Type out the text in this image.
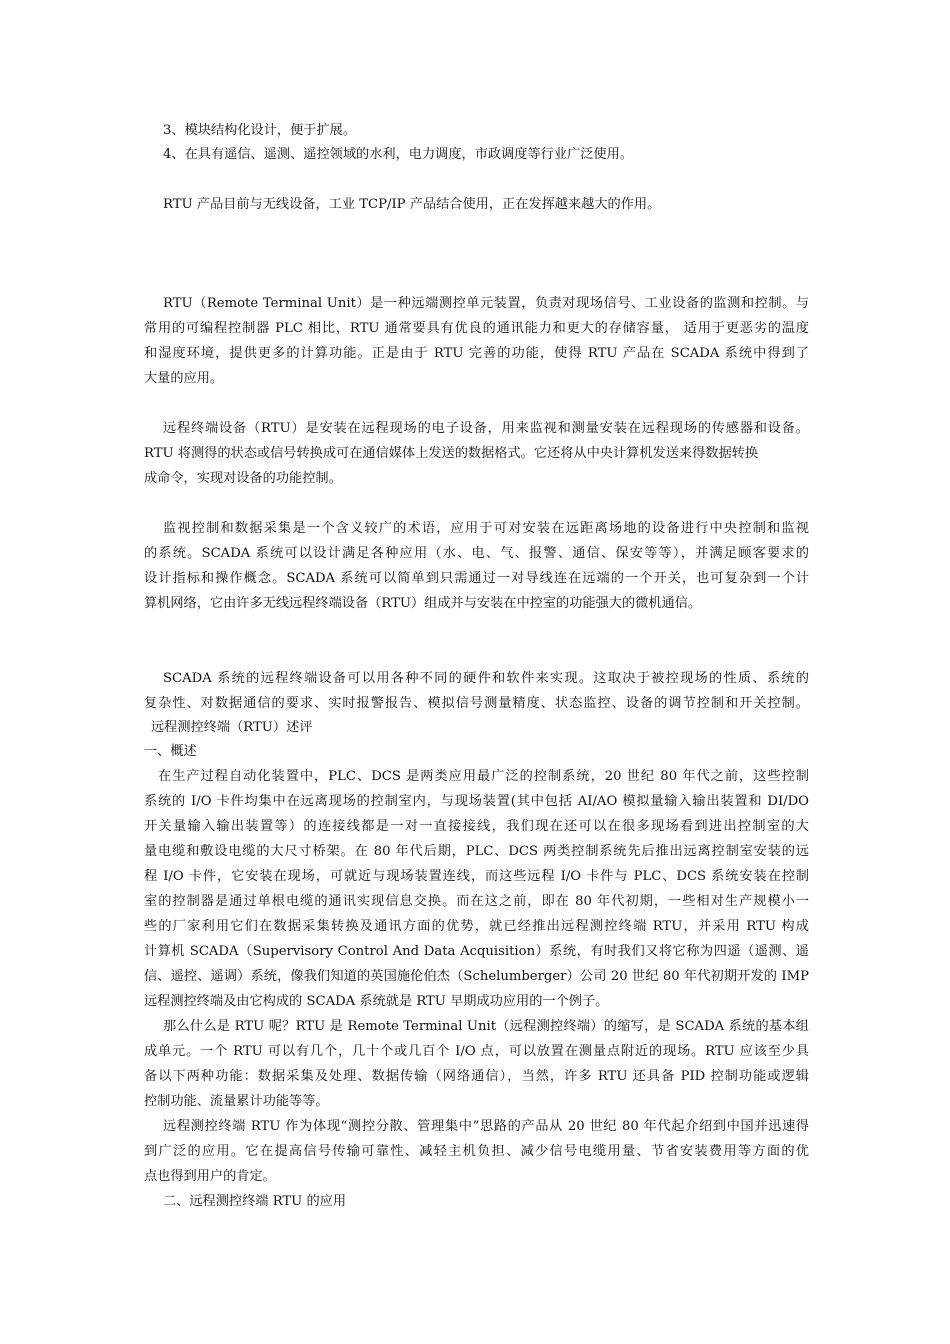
3、模块结构化设计，便于扩展。
4、在具有遥信、遥测、遥控领域的水利，电力调度，市政调度等行业广泛使用。
RTU 产品目前与无线设备，工业 TCP/IP 产品结合使用，正在发挥越来越大的作用。
RTU（Remote Terminal Unit）是一种远端测控单元装置，负责对现场信号、工业设备的监测和控制。与
常用的可编程控制器 PLC 相比，RTU 通常要具有优良的通讯能力和更大的存储容量， 适用于更恶劣的温度
和湿度环境，提供更多的计算功能。正是由于 RTU 完善的功能，使得 RTU 产品在 SCADA 系统中得到了
大量的应用。
远程终端设备（RTU）是安装在远程现场的电子设备，用来监视和测量安装在远程现场的传感器和设备。
RTU 将测得的状态或信号转换成可在通信媒体上发送的数据格式。它还将从中央计算机发送来得数据转换
成命令，实现对设备的功能控制。
监视控制和数据采集是一个含义较广的术语，应用于可对安装在远距离场地的设备进行中央控制和监视
的系统。SCADA 系统可以设计满足各种应用（水、电、气、报警、通信、保安等等），并满足顾客要求的
设计指标和操作概念。SCADA 系统可以简单到只需通过一对导线连在远端的一个开关，也可复杂到一个计
算机网络，它由许多无线远程终端设备（RTU）组成并与安装在中控室的功能强大的微机通信。
SCADA 系统的远程终端设备可以用各种不同的硬件和软件来实现。这取决于被控现场的性质、系统的
复杂性、对数据通信的要求、实时报警报告、模拟信号测量精度、状态监控、设备的调节控制和开关控制。
远程测控终端（RTU）述评
一、概述
在生产过程自动化装置中，PLC、DCS 是两类应用最广泛的控制系统，20 世纪 80 年代之前，这些控制
系统的 I/O 卡件均集中在远离现场的控制室内，与现场装置(其中包括 AI/AO 模拟量输入输出装置和 DI/DO
开关量输入输出装置等）的连接线都是一对一直接接线，我们现在还可以在很多现场看到进出控制室的大
量电缆和敷设电缆的大尺寸桥架。在 80 年代后期，PLC、DCS 两类控制系统先后推出远离控制室安装的远
程 I/O 卡件，它安装在现场，可就近与现场装置连线，而这些远程 I/O 卡件与 PLC、DCS 系统安装在控制
室的控制器是通过单根电缆的通讯实现信息交换。而在这之前，即在 80 年代初期，一些相对生产规模小一
些的厂家利用它们在数据采集转换及通讯方面的优势，就已经推出远程测控终端 RTU，并采用 RTU 构成
计算机 SCADA（Supervisory Control And Data Acquisition）系统，有时我们又将它称为四遥（遥测、遥
信、遥控、遥调）系统，像我们知道的英国施伦伯杰（Schelumberger）公司 20 世纪 80 年代初期开发的 IMP
远程测控终端及由它构成的 SCADA 系统就是 RTU 早期成功应用的一个例子。
那么什么是 RTU 呢？RTU 是 Remote Terminal Unit（远程测控终端）的缩写，是 SCADA 系统的基本组
成单元。一个 RTU 可以有几个，几十个或几百个 I/O 点，可以放置在测量点附近的现场。RTU 应该至少具
备以下两种功能：数据采集及处理、数据传输（网络通信），当然，许多 RTU 还具备 PID 控制功能或逻辑
控制功能、流量累计功能等等。
远程测控终端 RTU 作为体现“测控分散、管理集中”思路的产品从 20 世纪 80 年代起介绍到中国并迅速得
到广泛的应用。它在提高信号传输可靠性、减轻主机负担、减少信号电缆用量、节省安装费用等方面的优
点也得到用户的肯定。
二、远程测控终端 RTU 的应用
